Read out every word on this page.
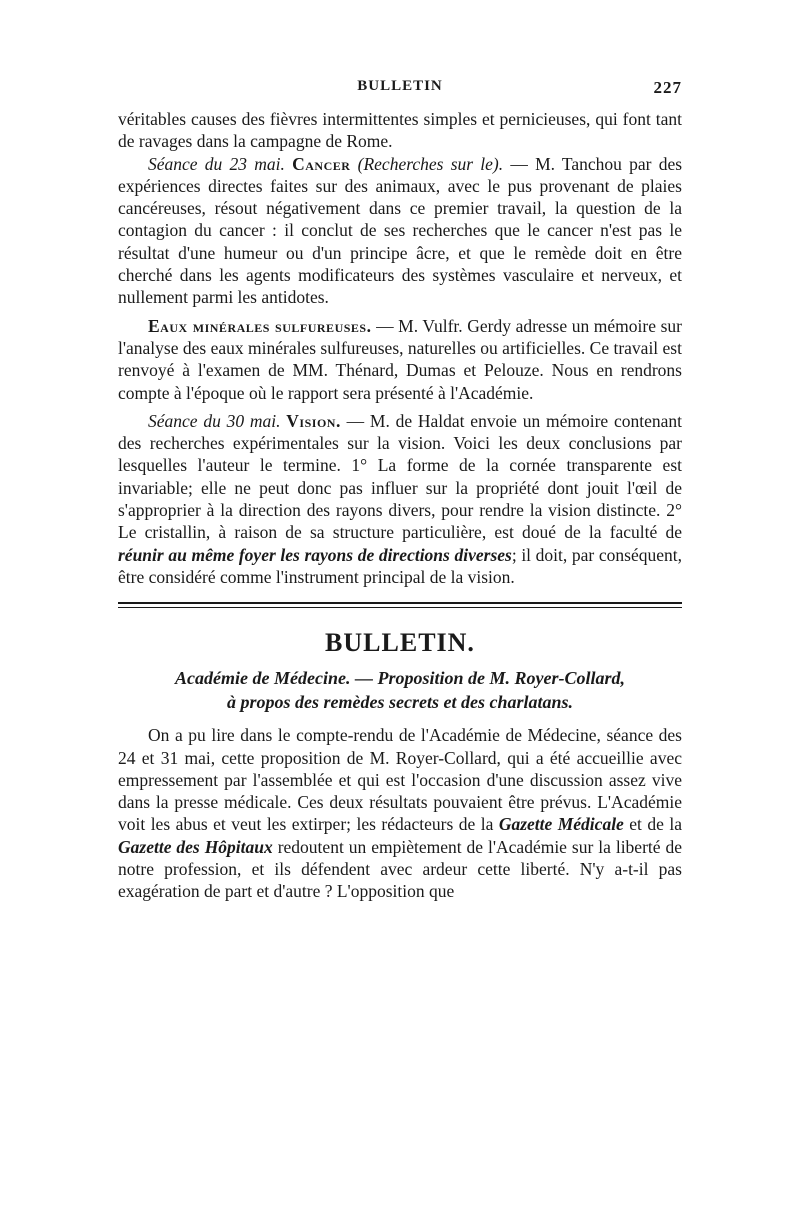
BULLETIN	227

véritables causes des fièvres intermittentes simples et pernicieuses, qui font tant de ravages dans la campagne de Rome.

Séance du 23 mai. Cancer (Recherches sur le). — M. Tanchou par des expériences directes faites sur des animaux, avec le pus provenant de plaies cancéreuses, résout négativement dans ce premier travail, la question de la contagion du cancer : il conclut de ses recherches que le cancer n'est pas le résultat d'une humeur ou d'un principe âcre, et que le remède doit en être cherché dans les agents modificateurs des systèmes vasculaire et nerveux, et nullement parmi les antidotes.

Eaux minérales sulfureuses. — M. Vulfr. Gerdy adresse un mémoire sur l'analyse des eaux minérales sulfureuses, naturelles ou artificielles. Ce travail est renvoyé à l'examen de MM. Thénard, Dumas et Pelouze. Nous en rendrons compte à l'époque où le rapport sera présenté à l'Académie.

Séance du 30 mai. Vision. — M. de Haldat envoie un mémoire contenant des recherches expérimentales sur la vision. Voici les deux conclusions par lesquelles l'auteur le termine. 1° La forme de la cornée transparente est invariable; elle ne peut donc pas influer sur la propriété dont jouit l'œil de s'approprier à la direction des rayons divers, pour rendre la vision distincte. 2° Le cristallin, à raison de sa structure particulière, est doué de la faculté de réunir au même foyer les rayons de directions diverses; il doit, par conséquent, être considéré comme l'instrument principal de la vision.

BULLETIN.
Académie de Médecine. — Proposition de M. Royer-Collard,
à propos des remèdes secrets et des charlatans.

On a pu lire dans le compte-rendu de l'Académie de Médecine, séance des 24 et 31 mai, cette proposition de M. Royer-Collard, qui a été accueillie avec empressement par l'assemblée et qui est l'occasion d'une discussion assez vive dans la presse médicale. Ces deux résultats pouvaient être prévus. L'Académie voit les abus et veut les extirper; les rédacteurs de la Gazette Médicale et de la Gazette des Hôpitaux redoutent un empiètement de l'Académie sur la liberté de notre profession, et ils défendent avec ardeur cette liberté. N'y a-t-il pas exagération de part et d'autre ? L'opposition que
